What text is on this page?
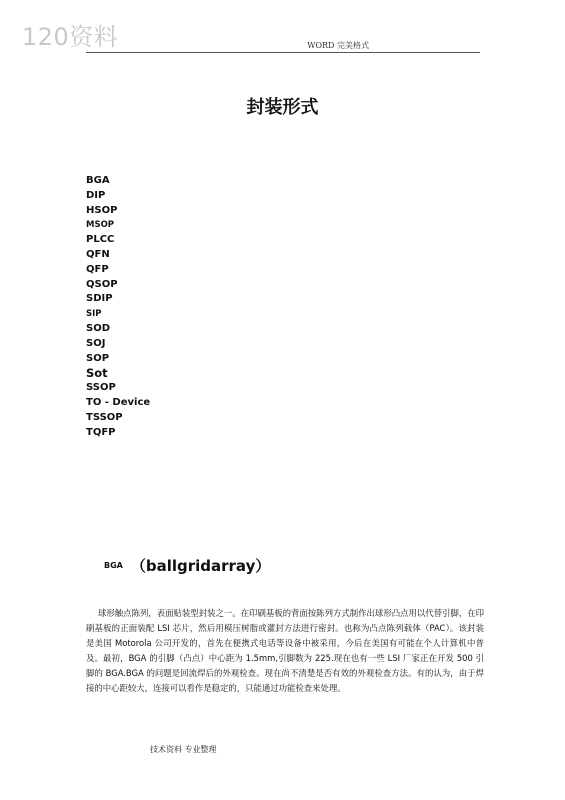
120资料	WORD 完美格式
封装形式
BGA
DIP
HSOP
MSOP
PLCC
QFN
QFP
QSOP
SDIP
SIP
SOD
SOJ
SOP
Sot
SSOP
TO - Device
TSSOP
TQFP
BGA （ballgridarray）

球形触点陈列，表面贴装型封装之一。在印刷基板的背面按陈列方式制作出球形凸点用以代替引脚，在印刷基板的正面装配 LSI 芯片，然后用模压树脂或灌封方法进行密封。也称为凸点陈列载体（PAC）。该封装是美国 Motorola 公司开发的，首先在便携式电话等设备中被采用，今后在美国有可能在个人计算机中普及。最初，BGA 的引脚（凸点）中心距为 1.5mm,引脚数为 225.现在也有一些 LSI 厂家正在开发 500 引脚的 BGA.BGA 的问题是回流焊后的外观检查。现在尚不清楚是否有效的外观检查方法。有的认为，由于焊接的中心距较大，连接可以看作是稳定的，只能通过功能检查来处理。

技术资料 专业整理
